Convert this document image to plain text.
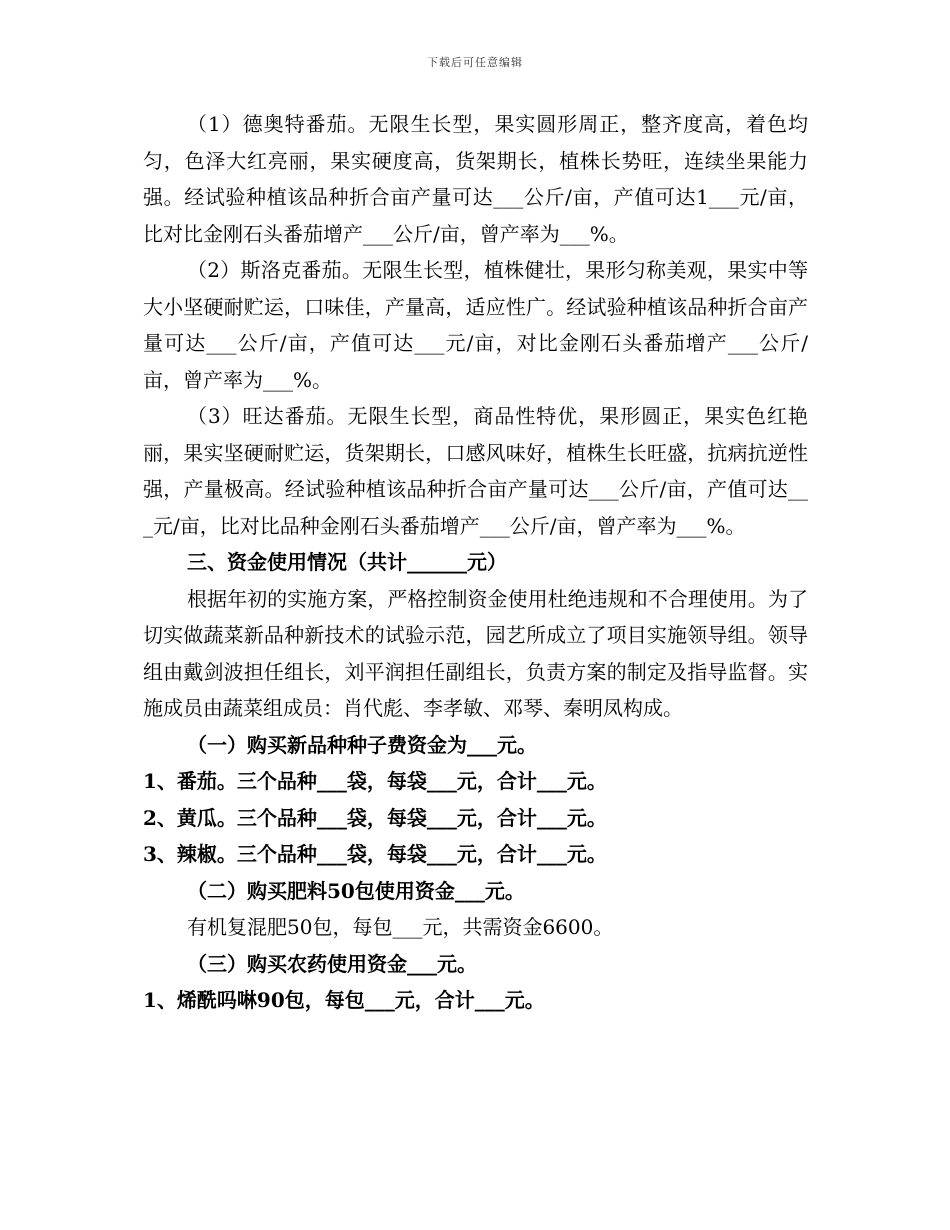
下载后可任意编辑

（1）德奥特番茄。无限生长型，果实圆形周正，整齐度高，着色均匀，色泽大红亮丽，果实硬度高，货架期长，植株长势旺，连续坐果能力强。经试验种植该品种折合亩产量可达___公斤/亩，产值可达1___元/亩，比对比金刚石头番茄增产___公斤/亩，曾产率为___%。

（2）斯洛克番茄。无限生长型，植株健壮，果形匀称美观，果实中等大小坚硬耐贮运，口味佳，产量高，适应性广。经试验种植该品种折合亩产量可达___公斤/亩，产值可达___元/亩，对比金刚石头番茄增产___公斤/亩，曾产率为___%。

（3）旺达番茄。无限生长型，商品性特优，果形圆正，果实色红艳丽，果实坚硬耐贮运，货架期长，口感风味好，植株生长旺盛，抗病抗逆性强，产量极高。经试验种植该品种折合亩产量可达___公斤/亩，产值可达___元/亩，比对比品种金刚石头番茄增产___公斤/亩，曾产率为___%。

三、资金使用情况（共计______元）

根据年初的实施方案，严格控制资金使用杜绝违规和不合理使用。为了切实做蔬菜新品种新技术的试验示范，园艺所成立了项目实施领导组。领导组由戴剑波担任组长，刘平润担任副组长，负责方案的制定及指导监督。实施成员由蔬菜组成员：肖代彪、李孝敏、邓琴、秦明凤构成。

（一）购买新品种种子费资金为___元。

1、番茄。三个品种___袋，每袋___元，合计___元。

2、黄瓜。三个品种___袋，每袋___元，合计___元。

3、辣椒。三个品种___袋，每袋___元，合计___元。

（二）购买肥料50包使用资金___元。

有机复混肥50包，每包___元，共需资金6600。

（三）购买农药使用资金___元。

1、烯酰吗啉90包，每包___元，合计___元。
